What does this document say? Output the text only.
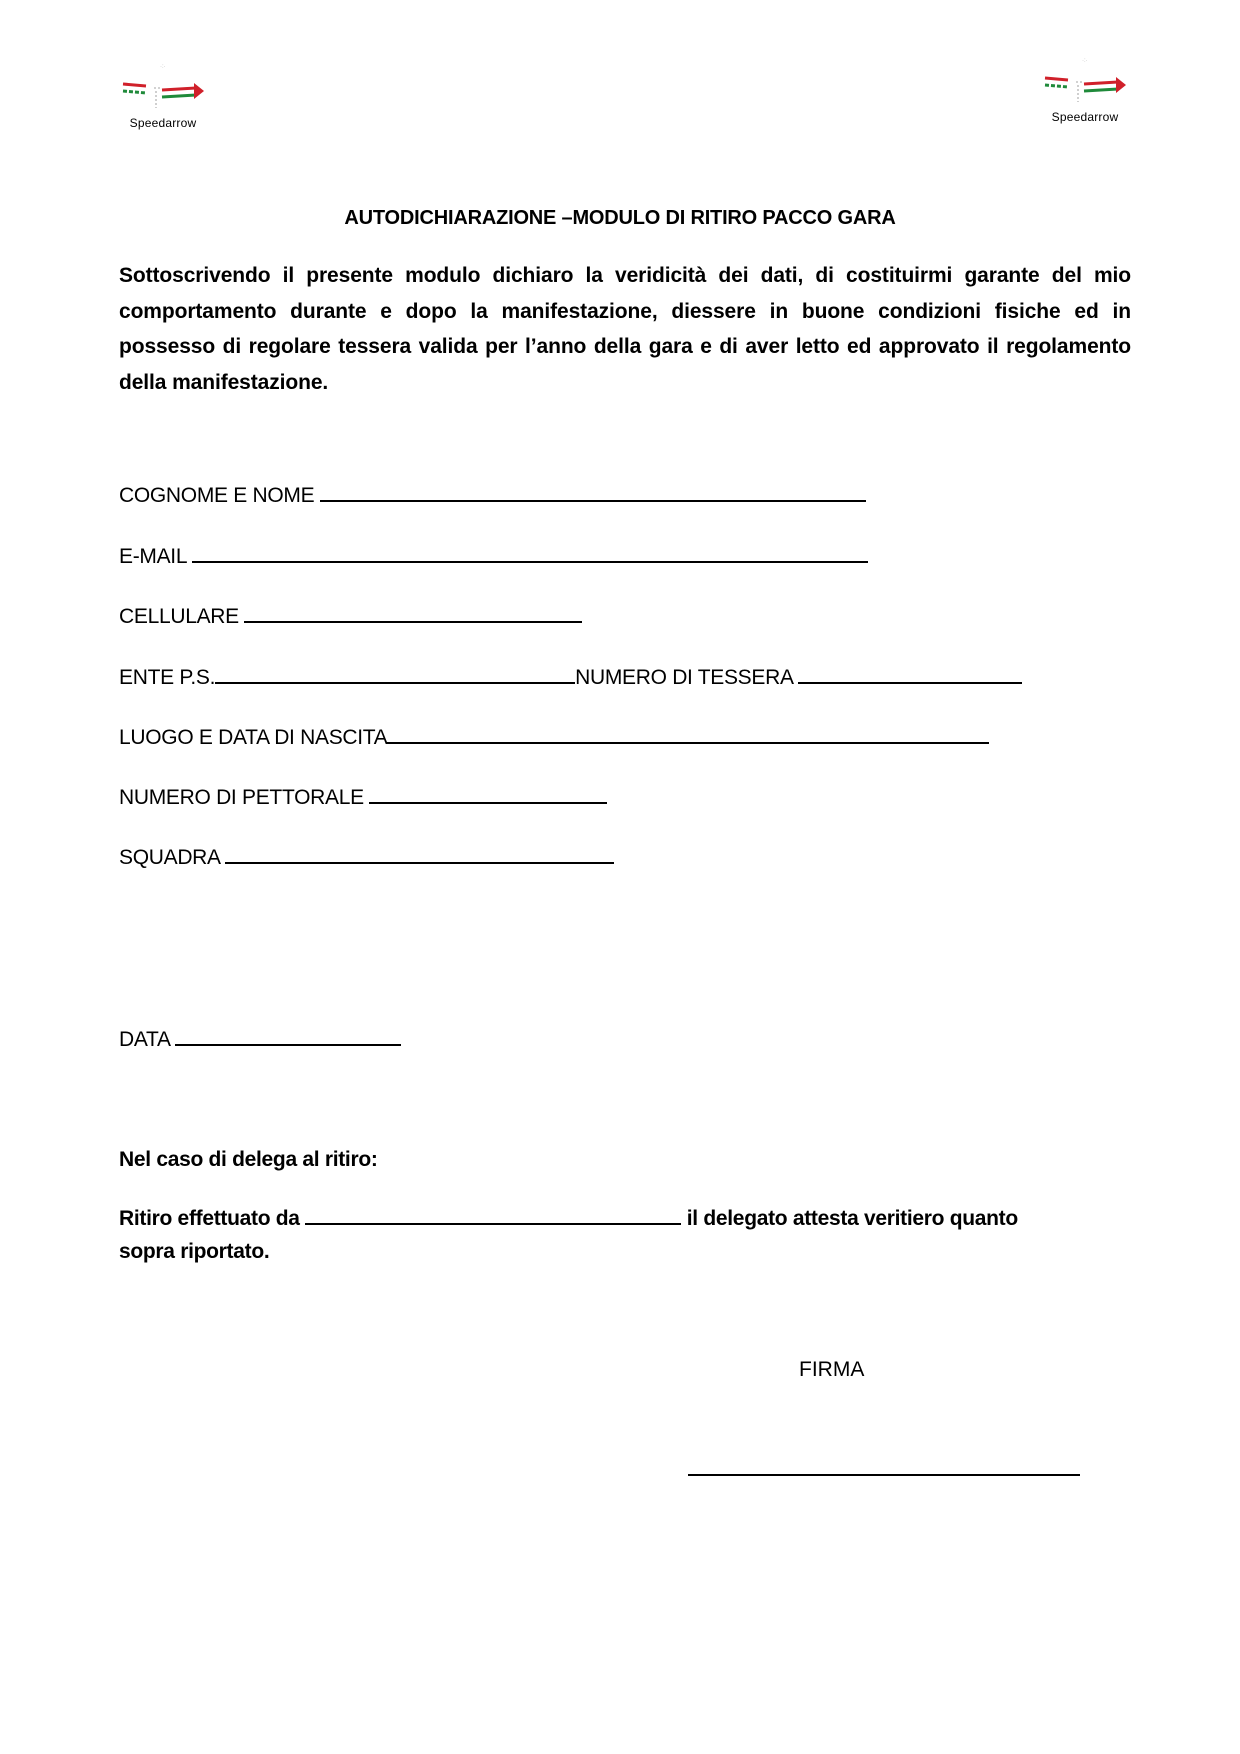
·:·
Speedarrow
·:·
Speedarrow
AUTODICHIARAZIONE –MODULO DI RITIRO PACCO GARA
Sottoscrivendo il presente modulo dichiaro la veridicità dei dati, di costituirmi garante del mio comportamento durante e dopo la manifestazione, diessere in buone condizioni fisiche ed in possesso di regolare tessera valida per l’anno della gara e di aver letto ed approvato il regolamento della manifestazione.
COGNOME E NOME
E-MAIL
CELLULARE
ENTE P.S.	NUMERO DI TESSERA
LUOGO E DATA DI NASCITA
NUMERO DI PETTORALE
SQUADRA
DATA
Nel caso di delega al ritiro:
Ritiro effettuato da	il delegato attesta veritiero quanto
sopra riportato.
FIRMA
